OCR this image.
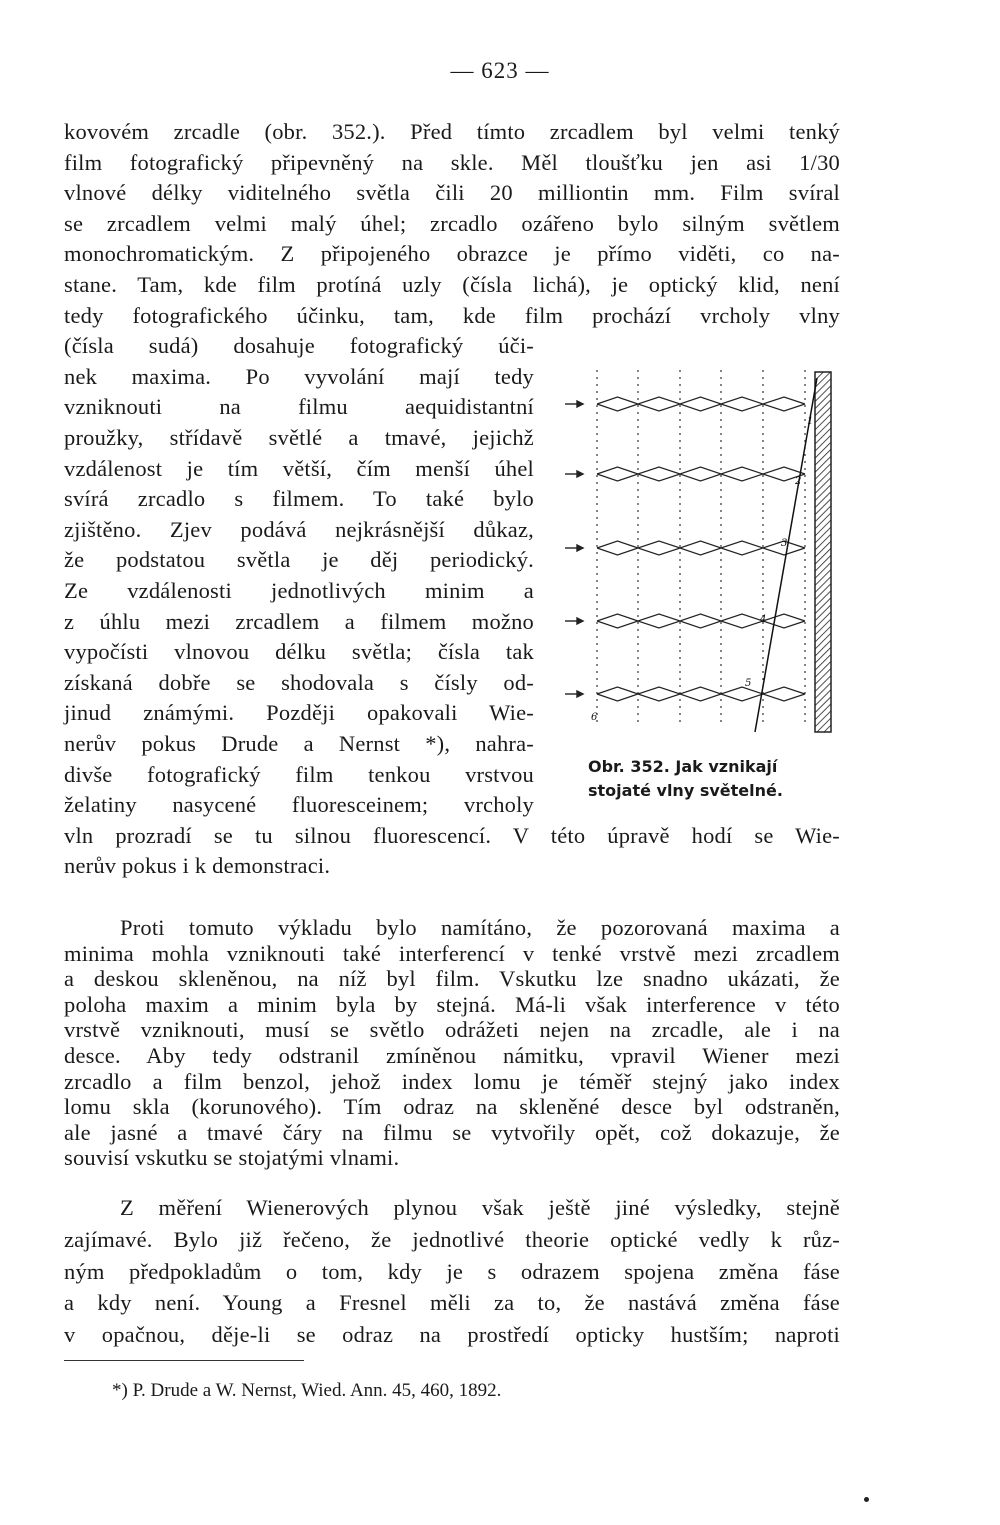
— 623 —
kovovém zrcadle (obr. 352.). Před tímto zrcadlem byl velmi tenký
film fotografický připevněný na skle. Měl tloušťku jen asi 1/30
vlnové délky viditelného světla čili 20 milliontin mm. Film svíral
se zrcadlem velmi malý úhel; zrcadlo ozářeno bylo silným světlem
monochromatickým. Z připojeného obrazce je přímo viděti, co na-
stane. Tam, kde film protíná uzly (čísla lichá), je optický klid, není
tedy fotografického účinku, tam, kde film prochází vrcholy vlny
(čísla sudá) dosahuje fotografický úči-
nek maxima. Po vyvolání mají tedy
vzniknouti na filmu aequidistantní
proužky, střídavě světlé a tmavé, jejichž
vzdálenost je tím větší, čím menší úhel
svírá zrcadlo s filmem. To také bylo
zjištěno. Zjev podává nejkrásnější důkaz,
že podstatou světla je děj periodický.
Ze vzdálenosti jednotlivých minim a
z úhlu mezi zrcadlem a filmem možno
vypočísti vlnovou délku světla; čísla tak
získaná dobře se shodovala s čísly od-
jinud známými. Později opakovali Wie-
nerův pokus Drude a Nernst *), nahra-
divše fotografický film tenkou vrstvou
želatiny nasycené fluoresceinem; vrcholy
vln prozradí se tu silnou fluorescencí. V této úpravě hodí se Wie-
nerův pokus i k demonstraci.
1
2
3
4
5
6
Obr. 352. Jak vznikají
stojaté vlny světelné.
Proti tomuto výkladu bylo namítáno, že pozorovaná maxima a
minima mohla vzniknouti také interferencí v tenké vrstvě mezi zrcadlem
a deskou skleněnou, na níž byl film. Vskutku lze snadno ukázati, že
poloha maxim a minim byla by stejná. Má-li však interference v této
vrstvě vzniknouti, musí se světlo odrážeti nejen na zrcadle, ale i na
desce. Aby tedy odstranil zmíněnou námitku, vpravil Wiener mezi
zrcadlo a film benzol, jehož index lomu je téměř stejný jako index
lomu skla (korunového). Tím odraz na skleněné desce byl odstraněn,
ale jasné a tmavé čáry na filmu se vytvořily opět, což dokazuje, že
souvisí vskutku se stojatými vlnami.
Z měření Wienerových plynou však ještě jiné výsledky, stejně
zajímavé. Bylo již řečeno, že jednotlivé theorie optické vedly k růz-
ným předpokladům o tom, kdy je s odrazem spojena změna fáse
a kdy není. Young a Fresnel měli za to, že nastává změna fáse
v opačnou, děje-li se odraz na prostředí opticky hustším; naproti
*) P. Drude a W. Nernst, Wied. Ann. 45, 460, 1892.
